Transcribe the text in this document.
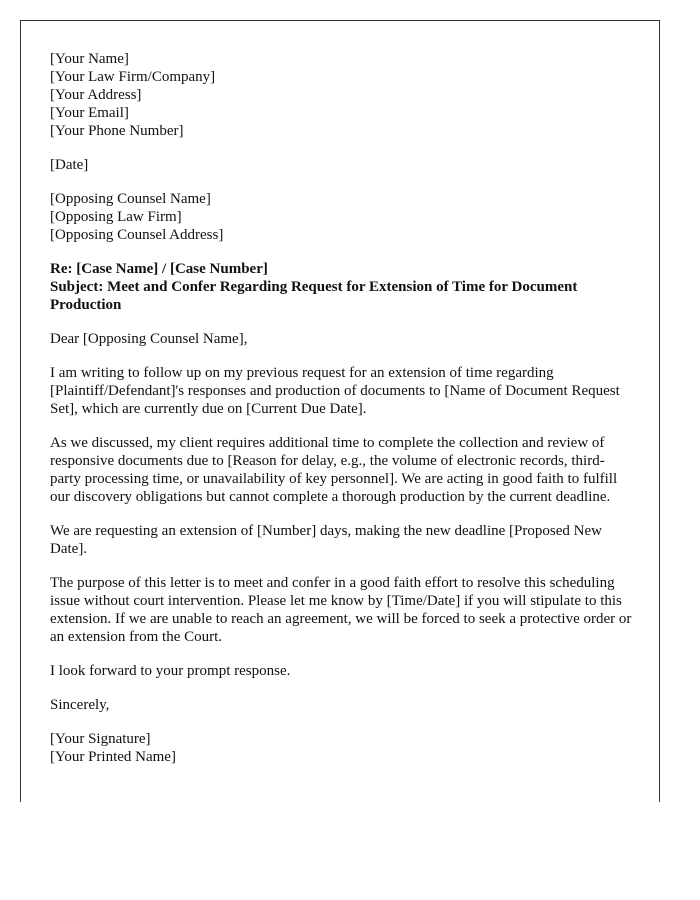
[Your Name]
[Your Law Firm/Company]
[Your Address]
[Your Email]
[Your Phone Number]
[Date]
[Opposing Counsel Name]
[Opposing Law Firm]
[Opposing Counsel Address]
Re: [Case Name] / [Case Number]
Subject: Meet and Confer Regarding Request for Extension of Time for Document Production

Dear [Opposing Counsel Name],

I am writing to follow up on my previous request for an extension of time regarding [Plaintiff/Defendant]'s responses and production of documents to [Name of Document Request Set], which are currently due on [Current Due Date].

As we discussed, my client requires additional time to complete the collection and review of responsive documents due to [Reason for delay, e.g., the volume of electronic records, third-party processing time, or unavailability of key personnel]. We are acting in good faith to fulfill our discovery obligations but cannot complete a thorough production by the current deadline.

We are requesting an extension of [Number] days, making the new deadline [Proposed New Date].

The purpose of this letter is to meet and confer in a good faith effort to resolve this scheduling issue without court intervention. Please let me know by [Time/Date] if you will stipulate to this extension. If we are unable to reach an agreement, we will be forced to seek a protective order or an extension from the Court.

I look forward to your prompt response.

Sincerely,

[Your Signature]
[Your Printed Name]
